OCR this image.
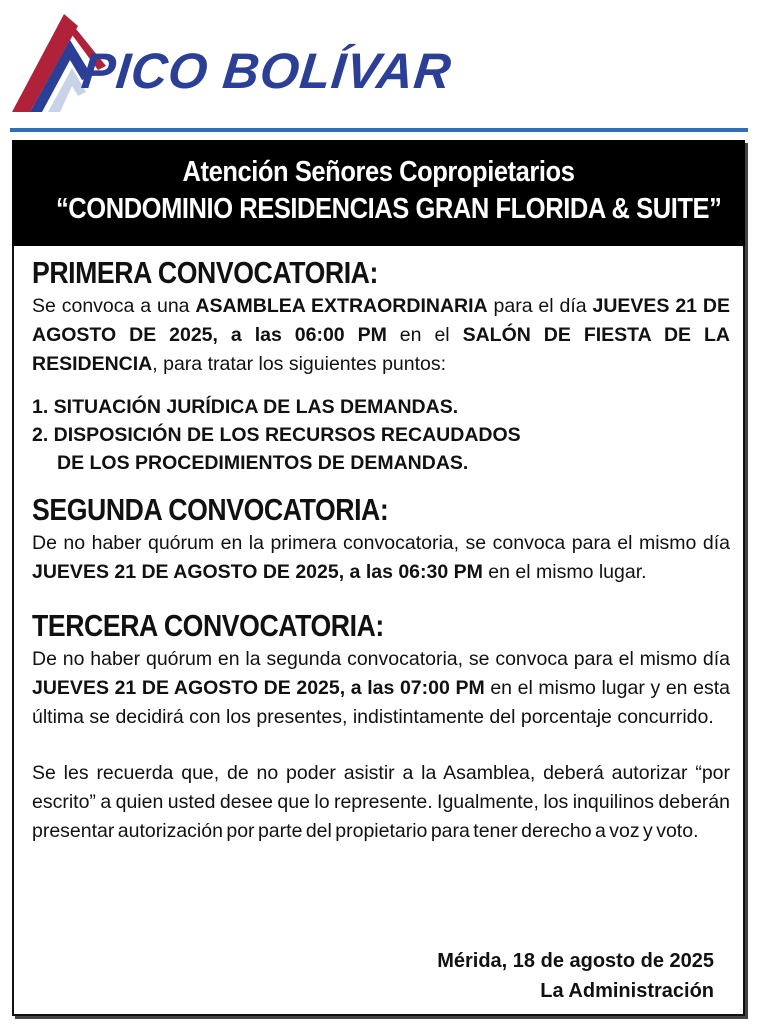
PICO BOLÍVAR
Atención Señores Copropietarios
“CONDOMINIO RESIDENCIAS GRAN FLORIDA & SUITE”
PRIMERA CONVOCATORIA:

Se convoca a una ASAMBLEA EXTRAORDINARIA para el día JUEVES 21 DE AGOSTO DE 2025, a las 06:00 PM en el SALÓN DE FIESTA DE LA RESIDENCIA, para tratar los siguientes puntos:

1. SITUACIÓN JURÍDICA DE LAS DEMANDAS.
2. DISPOSICIÓN DE LOS RECURSOS RECAUDADOS
DE LOS PROCEDIMIENTOS DE DEMANDAS.
SEGUNDA CONVOCATORIA:

De no haber quórum en la primera convocatoria, se convoca para el mismo día JUEVES 21 DE AGOSTO DE 2025, a las 06:30 PM en el mismo lugar.

TERCERA CONVOCATORIA:

De no haber quórum en la segunda convocatoria, se convoca para el mismo día JUEVES 21 DE AGOSTO DE 2025, a las 07:00 PM en el mismo lugar y en esta última se decidirá con los presentes, indistintamente del porcentaje concurrido.

Se les recuerda que, de no poder asistir a la Asamblea, deberá autorizar “por escrito” a quien usted desee que lo represente. Igualmente, los inquilinos deberán presentar autorización por parte del propietario para tener derecho a voz y voto.

Mérida, 18 de agosto de 2025
La Administración
